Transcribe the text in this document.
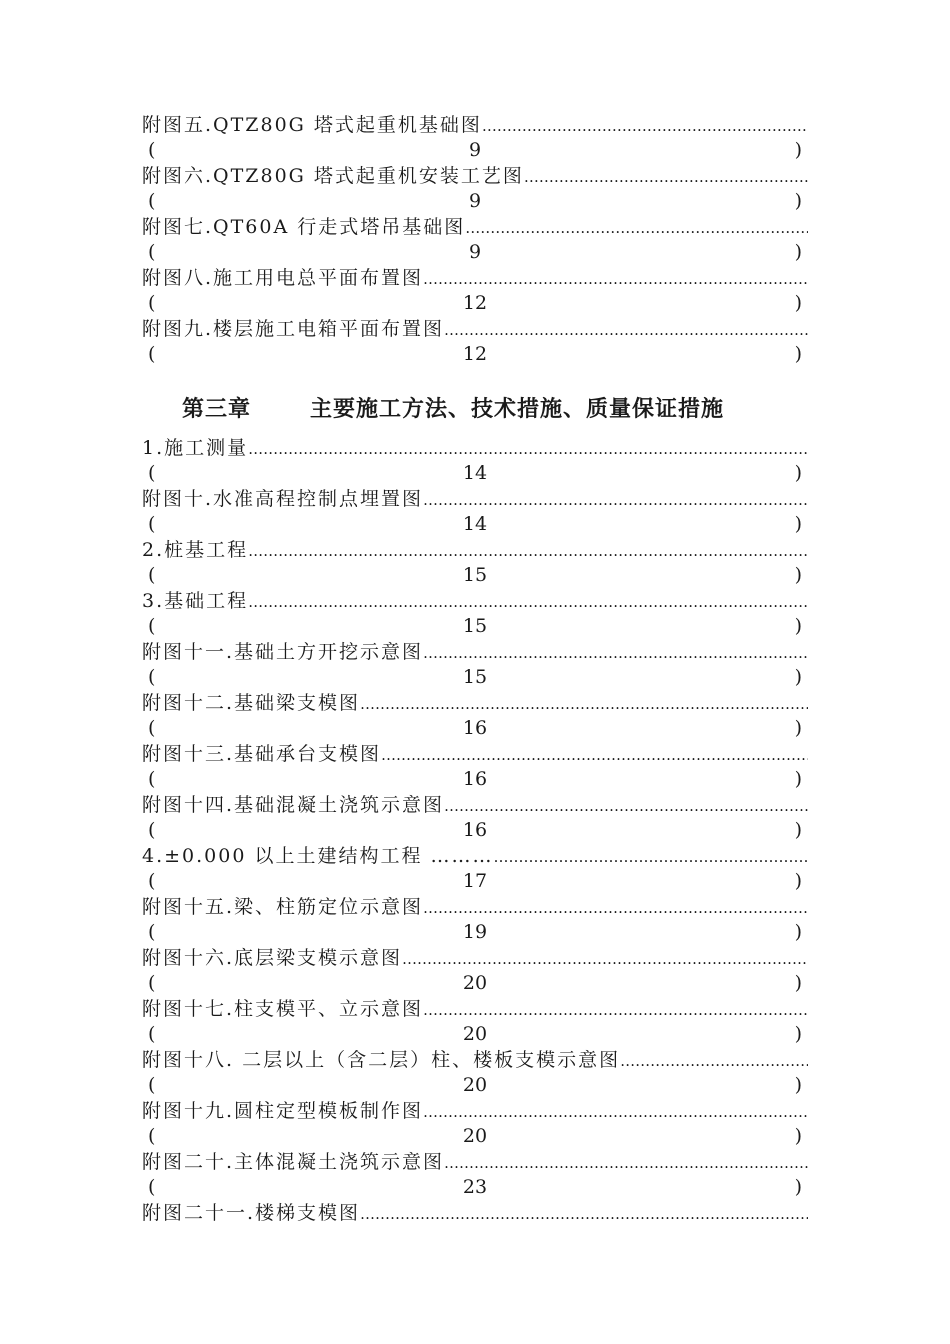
附图五.QTZ80G 塔式起重机基础图
……………………………………………………………………………………………………………………………………
(	9	)
附图六.QTZ80G 塔式起重机安装工艺图
……………………………………………………………………………………………………………………………………
(	9	)
附图七.QT60A 行走式塔吊基础图
……………………………………………………………………………………………………………………………………
(	9	)
附图八.施工用电总平面布置图
……………………………………………………………………………………………………………………………………
(	12	)
附图九.楼层施工电箱平面布置图
……………………………………………………………………………………………………………………………………
(	12	)
第三章	主要施工方法、技术措施、质量保证措施
1.施工测量
……………………………………………………………………………………………………………………………………
(	14	)
附图十.水准高程控制点埋置图
……………………………………………………………………………………………………………………………………
(	14	)
2.桩基工程
……………………………………………………………………………………………………………………………………
(	15	)
3.基础工程
……………………………………………………………………………………………………………………………………
(	15	)
附图十一.基础土方开挖示意图
……………………………………………………………………………………………………………………………………
(	15	)
附图十二.基础梁支模图
……………………………………………………………………………………………………………………………………
(	16	)
附图十三.基础承台支模图
……………………………………………………………………………………………………………………………………
(	16	)
附图十四.基础混凝土浇筑示意图
……………………………………………………………………………………………………………………………………
(	16	)
4.±0.000 以上土建结构工程 ………
……………………………………………………………………………………………………………………………………
(	17	)
附图十五.梁、柱筋定位示意图
……………………………………………………………………………………………………………………………………
(	19	)
附图十六.底层梁支模示意图
……………………………………………………………………………………………………………………………………
(	20	)
附图十七.柱支模平、立示意图
……………………………………………………………………………………………………………………………………
(	20	)
附图十八. 二层以上（含二层）柱、楼板支模示意图
……………………………………………………………………………………………………………………………………
(	20	)
附图十九.圆柱定型模板制作图
……………………………………………………………………………………………………………………………………
(	20	)
附图二十.主体混凝土浇筑示意图
……………………………………………………………………………………………………………………………………
(	23	)
附图二十一.楼梯支模图
……………………………………………………………………………………………………………………………………
